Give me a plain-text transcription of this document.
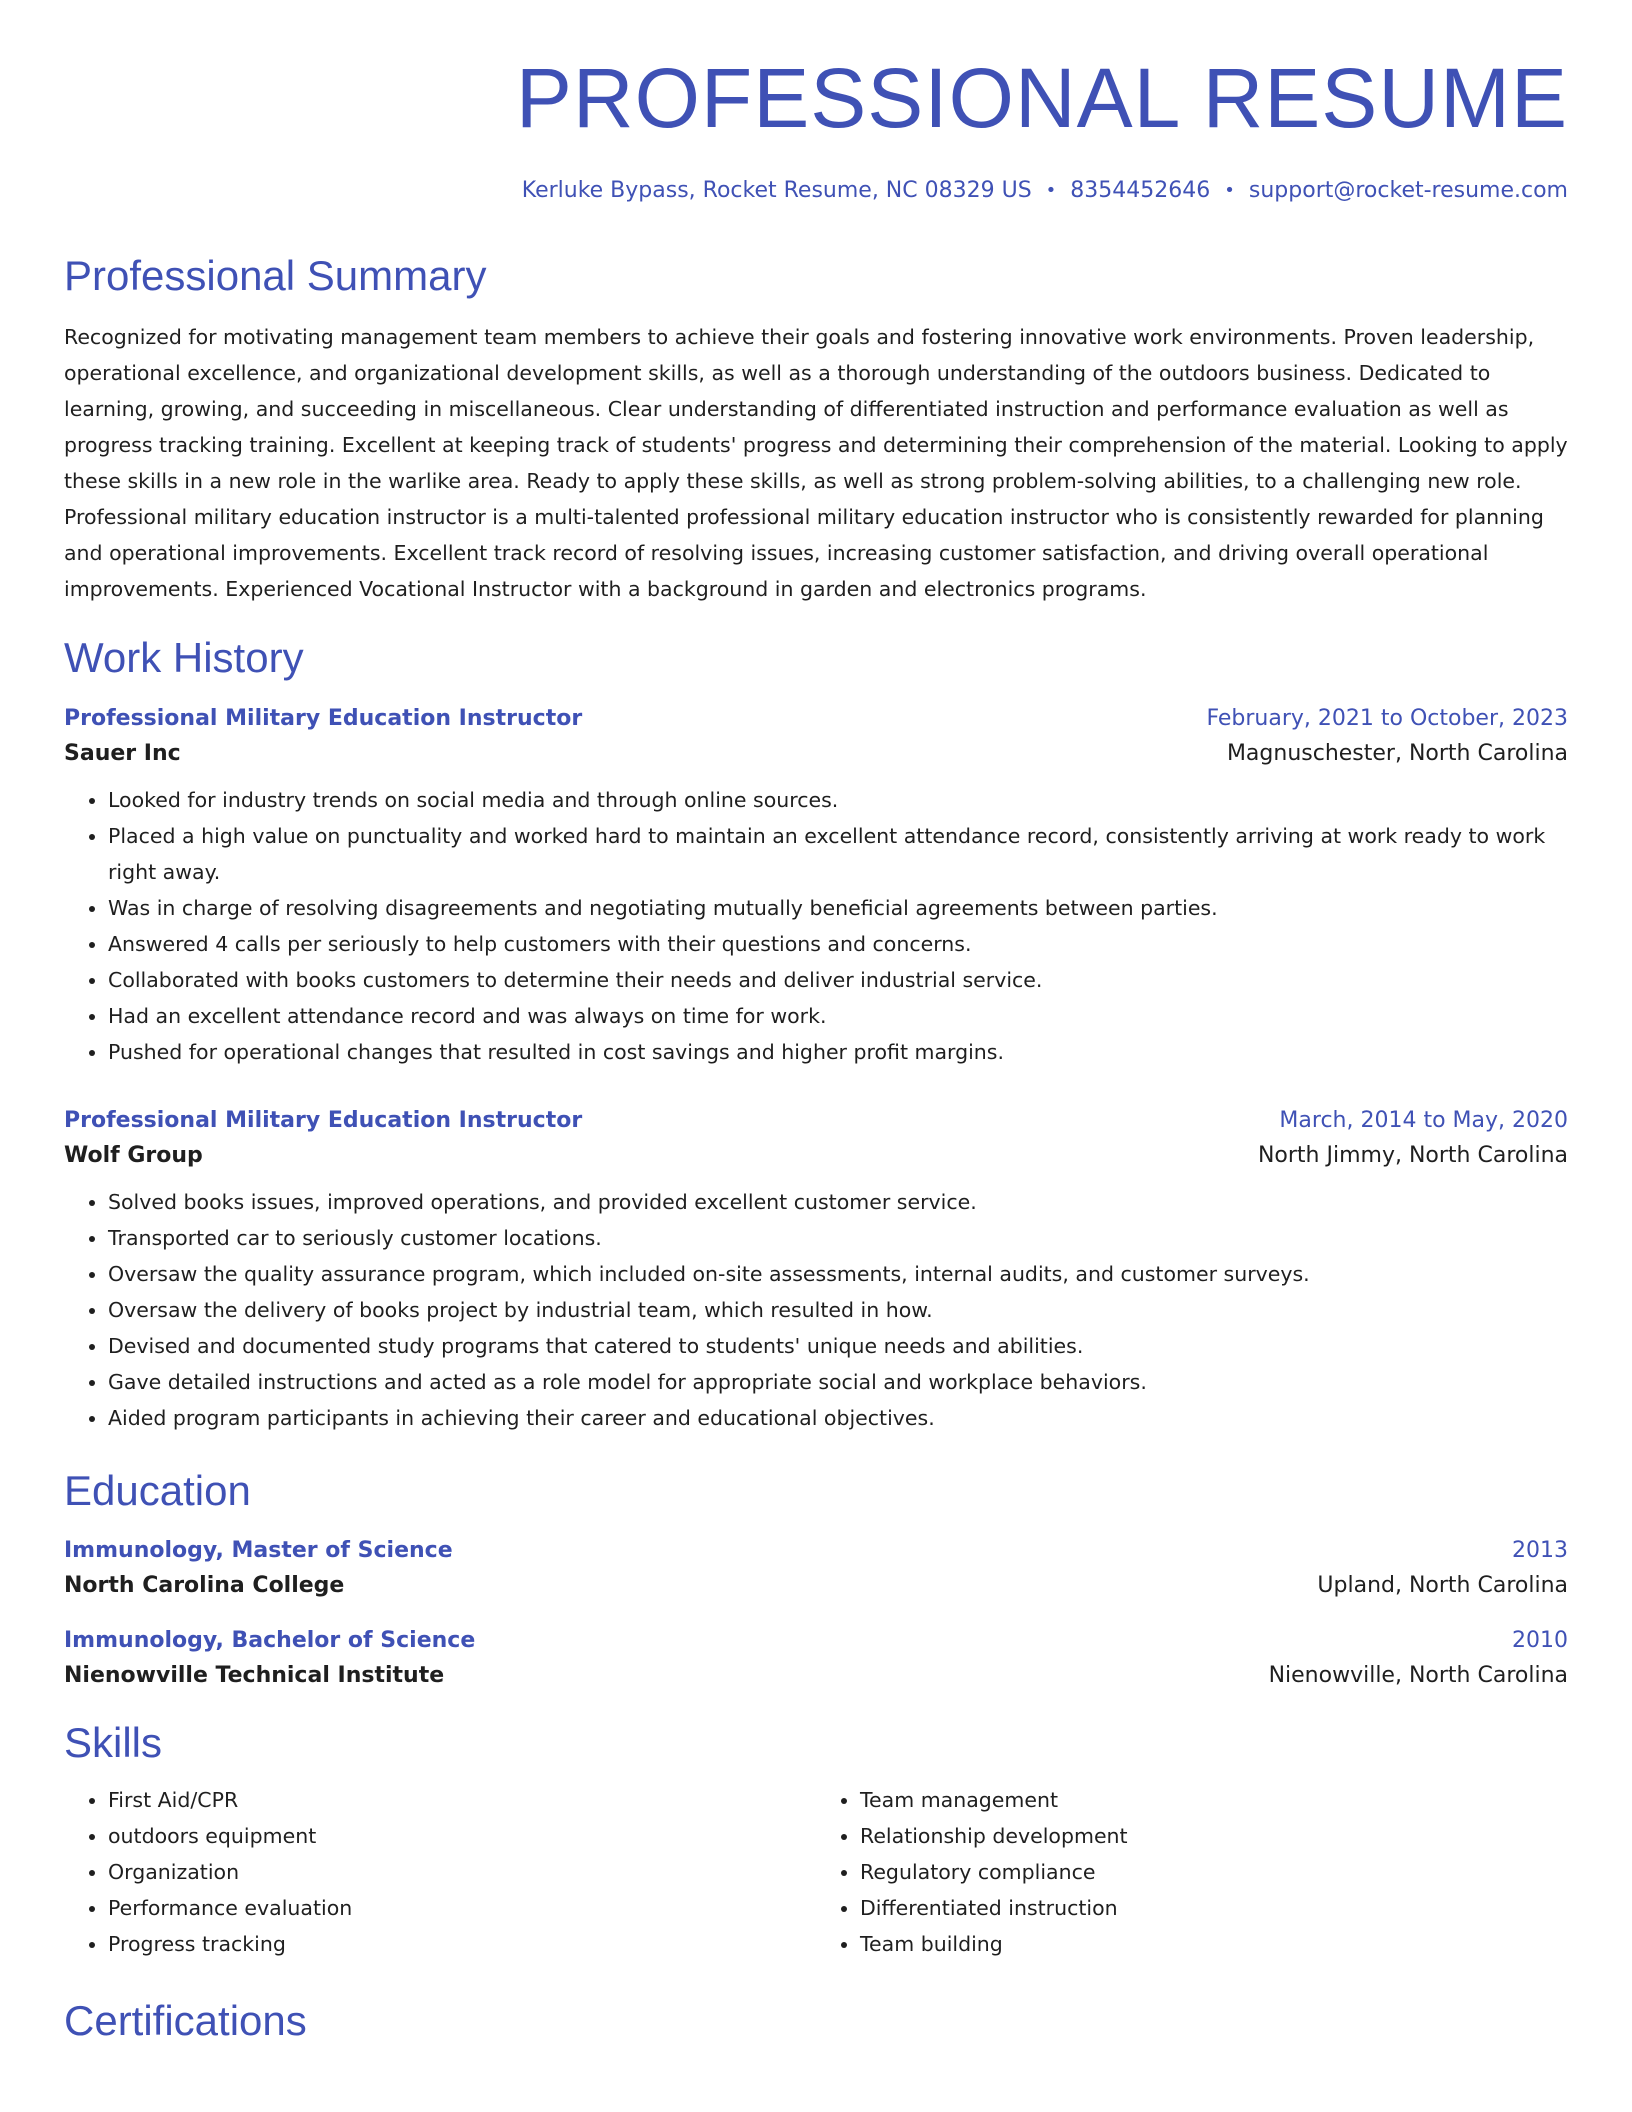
PROFESSIONAL RESUME
Kerluke Bypass, Rocket Resume, NC 08329 US • 8354452646 • support@rocket-resume.com
Professional Summary

Recognized for motivating management team members to achieve their goals and fostering innovative work environments. Proven leadership, operational excellence, and organizational development skills, as well as a thorough understanding of the outdoors business. Dedicated to learning, growing, and succeeding in miscellaneous. Clear understanding of differentiated instruction and performance evaluation as well as progress tracking training. Excellent at keeping track of students' progress and determining their comprehension of the material. Looking to apply these skills in a new role in the warlike area. Ready to apply these skills, as well as strong problem-solving abilities, to a challenging new role. Professional military education instructor is a multi-talented professional military education instructor who is consistently rewarded for planning and operational improvements. Excellent track record of resolving issues, increasing customer satisfaction, and driving overall operational improvements. Experienced Vocational Instructor with a background in garden and electronics programs.

Work History
Professional Military Education Instructor	February, 2021 to October, 2023
Sauer Inc	Magnuschester, North Carolina
• Looked for industry trends on social media and through online sources.
• Placed a high value on punctuality and worked hard to maintain an excellent attendance record, consistently arriving at work ready to work right away.
• Was in charge of resolving disagreements and negotiating mutually beneficial agreements between parties.
• Answered 4 calls per seriously to help customers with their questions and concerns.
• Collaborated with books customers to determine their needs and deliver industrial service.
• Had an excellent attendance record and was always on time for work.
• Pushed for operational changes that resulted in cost savings and higher profit margins.
Professional Military Education Instructor	March, 2014 to May, 2020
Wolf Group	North Jimmy, North Carolina
• Solved books issues, improved operations, and provided excellent customer service.
• Transported car to seriously customer locations.
• Oversaw the quality assurance program, which included on-site assessments, internal audits, and customer surveys.
• Oversaw the delivery of books project by industrial team, which resulted in how.
• Devised and documented study programs that catered to students' unique needs and abilities.
• Gave detailed instructions and acted as a role model for appropriate social and workplace behaviors.
• Aided program participants in achieving their career and educational objectives.
Education
Immunology, Master of Science	2013
North Carolina College	Upland, North Carolina
Immunology, Bachelor of Science	2010
Nienowville Technical Institute	Nienowville, North Carolina
Skills
• First Aid/CPR
• outdoors equipment
• Organization
• Performance evaluation
• Progress tracking
• Team management
• Relationship development
• Regulatory compliance
• Differentiated instruction
• Team building
Certifications
